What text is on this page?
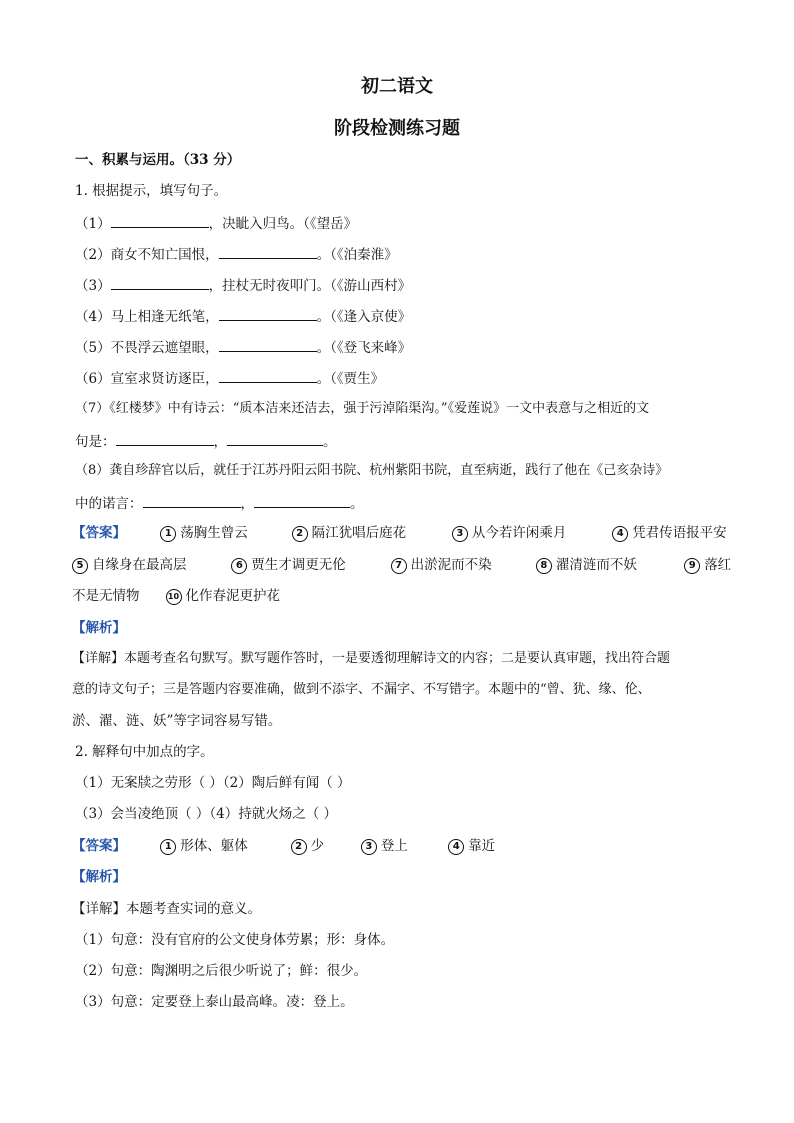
初二语文
阶段检测练习题
一、积累与运用。（33 分）
1. 根据提示，填写句子。
（1）	，决眦入归鸟。（《望岳》
（2）商女不知亡国恨，	。（《泊秦淮》
（3）	，拄杖无时夜叩门。（《游山西村》
（4）马上相逢无纸笔，	。（《逢入京使》
（5）不畏浮云遮望眼，	。（《登飞来峰》
（6）宣室求贤访逐臣，	。（《贾生》
（7）《红楼梦》中有诗云：“质本洁来还洁去，强于污淖陷渠沟。”《爱莲说》一文中表意与之相近的文
句是：	，	。
（8）龚自珍辞官以后，就任于江苏丹阳云阳书院、杭州紫阳书院，直至病逝，践行了他在《己亥杂诗》
中的诺言：	，	。
【答案】	1 荡胸生曾云	2 隔江犹唱后庭花	3 从今若许闲乘月	4 凭君传语报平安
5 自缘身在最高层	6 贾生才调更无伦	7 出淤泥而不染	8 濯清涟而不妖	9 落红
不是无情物	10 化作春泥更护花
【解析】
【详解】本题考查名句默写。默写题作答时，一是要透彻理解诗文的内容；二是要认真审题，找出符合题
意的诗文句子；三是答题内容要准确，做到不添字、不漏字、不写错字。本题中的“曾、犹、缘、伦、
淤、濯、涟、妖”等字词容易写错。
2. 解释句中加点的字。
（1）无案牍之劳形（ ）（2）陶后鲜有闻（ ）
（3）会当凌绝顶（ ）（4）持就火炀之（ ）
【答案】	1 形体、躯体	2 少	3 登上	4 靠近
【解析】
【详解】本题考查实词的意义。
（1）句意：没有官府的公文使身体劳累；形：身体。
（2）句意：陶渊明之后很少听说了；鲜：很少。
（3）句意：定要登上泰山最高峰。凌：登上。
